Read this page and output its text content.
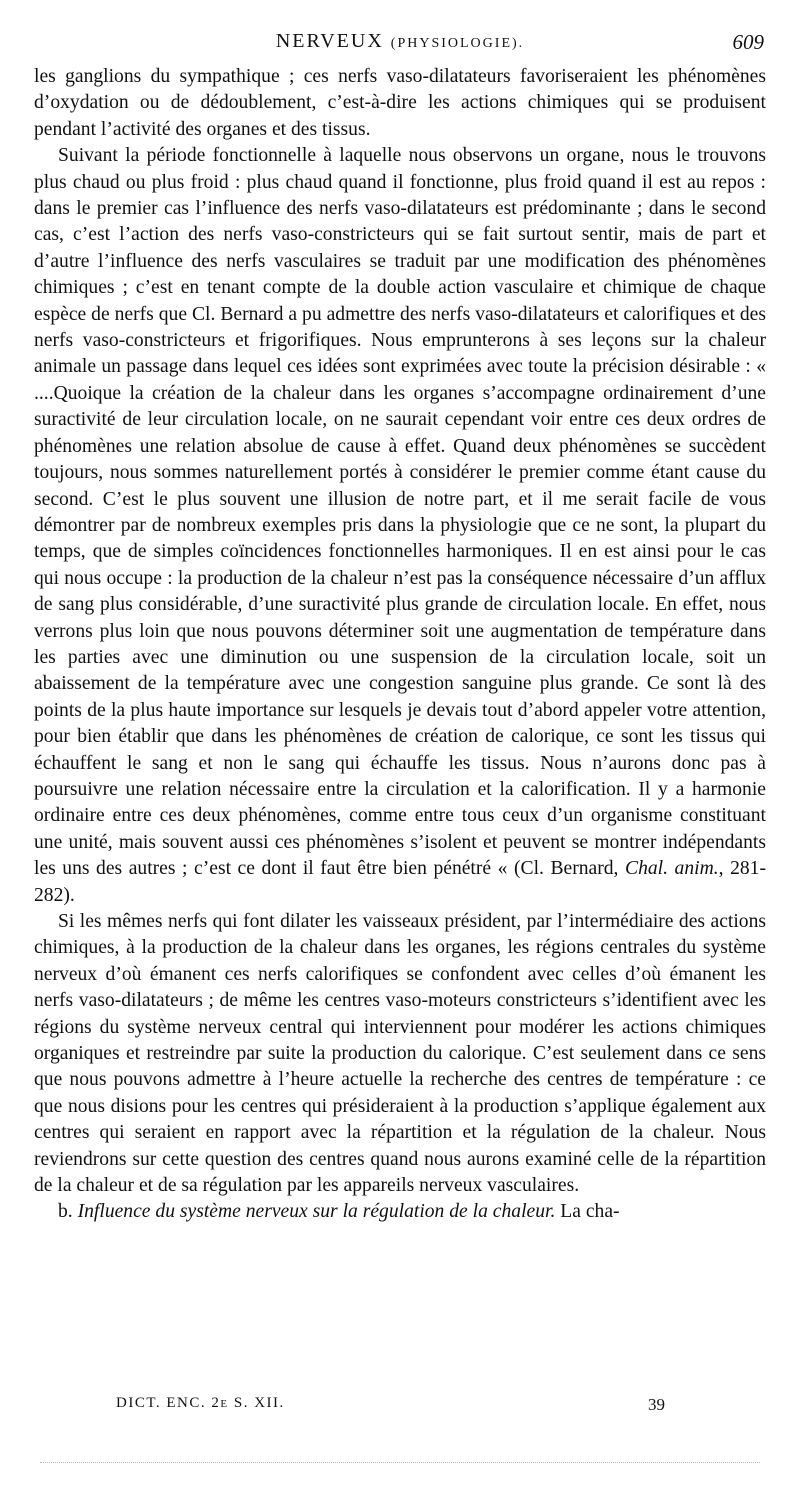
NERVEUX (PHYSIOLOGIE).	609

les ganglions du sympathique ; ces nerfs vaso-dilatateurs favoriseraient les phénomènes d’oxydation ou de dédoublement, c’est-à-dire les actions chimiques qui se produisent pendant l’activité des organes et des tissus.

Suivant la période fonctionnelle à laquelle nous observons un organe, nous le trouvons plus chaud ou plus froid : plus chaud quand il fonctionne, plus froid quand il est au repos : dans le premier cas l’influence des nerfs vaso-dilatateurs est prédominante ; dans le second cas, c’est l’action des nerfs vaso-constricteurs qui se fait surtout sentir, mais de part et d’autre l’influence des nerfs vasculaires se traduit par une modification des phénomènes chimiques ; c’est en tenant compte de la double action vasculaire et chimique de chaque espèce de nerfs que Cl. Bernard a pu admettre des nerfs vaso-dilatateurs et calorifiques et des nerfs vaso-constricteurs et frigorifiques. Nous emprunterons à ses leçons sur la chaleur animale un passage dans lequel ces idées sont exprimées avec toute la précision désirable : « ....Quoique la création de la chaleur dans les organes s’accompagne ordinairement d’une suractivité de leur circulation locale, on ne saurait cependant voir entre ces deux ordres de phénomènes une relation absolue de cause à effet. Quand deux phénomènes se succèdent toujours, nous sommes naturellement portés à considérer le premier comme étant cause du second. C’est le plus souvent une illusion de notre part, et il me serait facile de vous démontrer par de nombreux exemples pris dans la physiologie que ce ne sont, la plupart du temps, que de simples coïncidences fonctionnelles harmoniques. Il en est ainsi pour le cas qui nous occupe : la production de la chaleur n’est pas la conséquence nécessaire d’un afflux de sang plus considérable, d’une suractivité plus grande de circulation locale. En effet, nous verrons plus loin que nous pouvons déterminer soit une augmentation de température dans les parties avec une diminution ou une suspension de la circulation locale, soit un abaissement de la température avec une congestion sanguine plus grande. Ce sont là des points de la plus haute importance sur lesquels je devais tout d’abord appeler votre attention, pour bien établir que dans les phénomènes de création de calorique, ce sont les tissus qui échauffent le sang et non le sang qui échauffe les tissus. Nous n’aurons donc pas à poursuivre une relation nécessaire entre la circulation et la calorification. Il y a harmonie ordinaire entre ces deux phénomènes, comme entre tous ceux d’un organisme constituant une unité, mais souvent aussi ces phénomènes s’isolent et peuvent se montrer indépendants les uns des autres ; c’est ce dont il faut être bien pénétré « (Cl. Bernard, Chal. anim., 281-282).

Si les mêmes nerfs qui font dilater les vaisseaux président, par l’intermédiaire des actions chimiques, à la production de la chaleur dans les organes, les régions centrales du système nerveux d’où émanent ces nerfs calorifiques se confondent avec celles d’où émanent les nerfs vaso-dilatateurs ; de même les centres vaso-moteurs constricteurs s’identifient avec les régions du système nerveux central qui interviennent pour modérer les actions chimiques organiques et restreindre par suite la production du calorique. C’est seulement dans ce sens que nous pouvons admettre à l’heure actuelle la recherche des centres de température : ce que nous disions pour les centres qui présideraient à la production s’applique également aux centres qui seraient en rapport avec la répartition et la régulation de la chaleur. Nous reviendrons sur cette question des centres quand nous aurons examiné celle de la répartition de la chaleur et de sa régulation par les appareils nerveux vasculaires.

b. Influence du système nerveux sur la régulation de la chaleur. La cha-

DICT. ENC. 2e S. XII.	39
